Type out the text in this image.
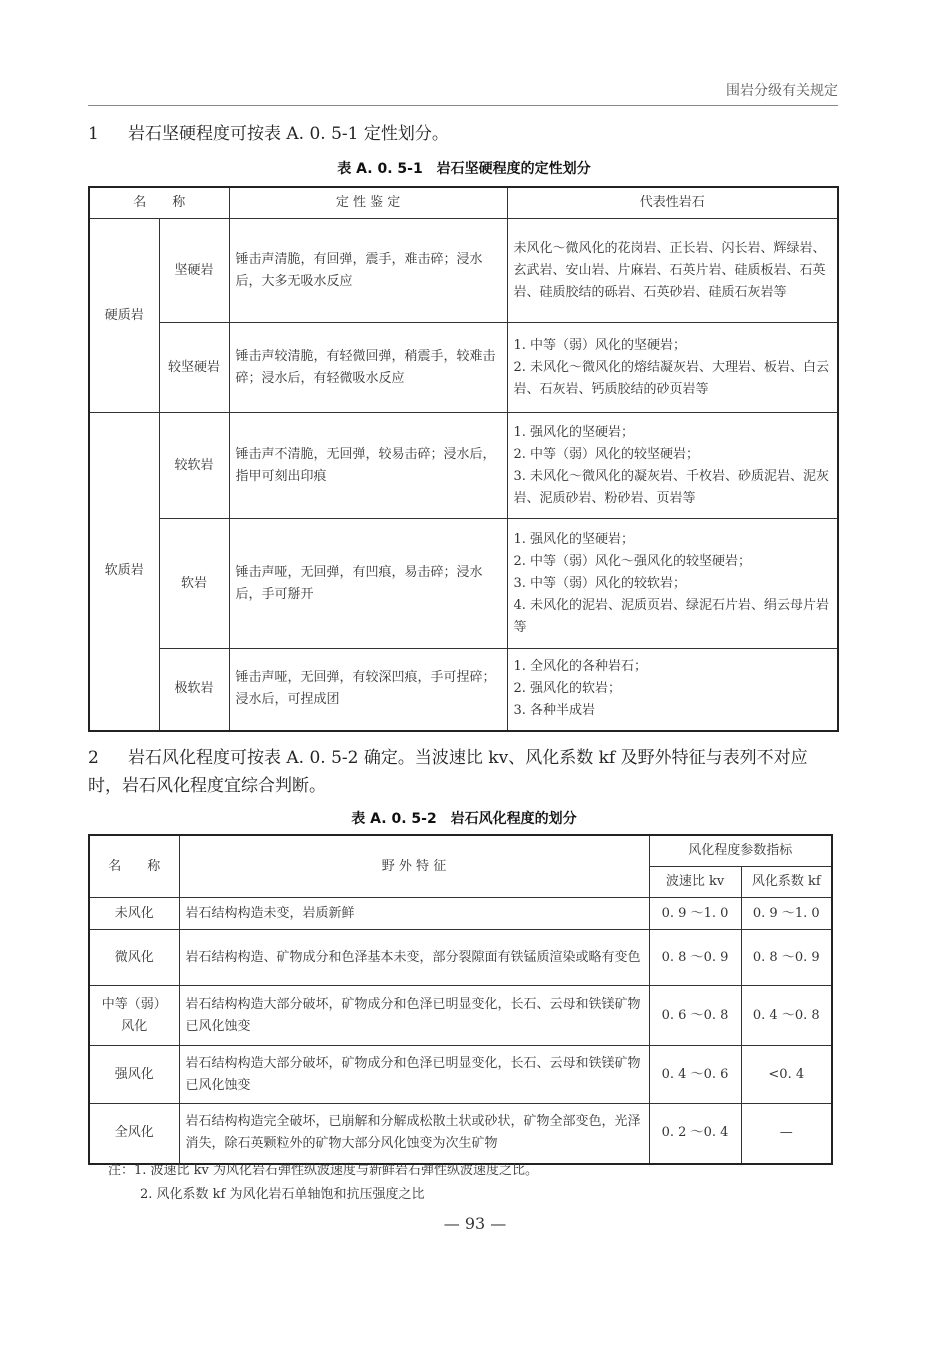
围岩分级有关规定
1 岩石坚硬程度可按表 A. 0. 5-1 定性划分。
表 A. 0. 5-1　岩石坚硬程度的定性划分
名　　称		定 性 鉴 定	代表性岩石
硬质岩	坚硬岩	锤击声清脆，有回弹，震手，难击碎；浸水后，大多无吸水反应	未风化～微风化的花岗岩、正长岩、闪长岩、辉绿岩、玄武岩、安山岩、片麻岩、石英片岩、硅质板岩、石英岩、硅质胶结的砾岩、石英砂岩、硅质石灰岩等

	较坚硬岩	锤击声较清脆，有轻微回弹，稍震手，较难击碎；浸水后，有轻微吸水反应	1. 中等（弱）风化的坚硬岩；
2. 未风化～微风化的熔结凝灰岩、大理岩、板岩、白云岩、石灰岩、钙质胶结的砂页岩等

软质岩	较软岩	锤击声不清脆，无回弹，较易击碎；浸水后，指甲可刻出印痕	1. 强风化的坚硬岩；
2. 中等（弱）风化的较坚硬岩；
3. 未风化～微风化的凝灰岩、千枚岩、砂质泥岩、泥灰岩、泥质砂岩、粉砂岩、页岩等

	软岩	锤击声哑，无回弹，有凹痕，易击碎；浸水后，手可掰开	1. 强风化的坚硬岩；
2. 中等（弱）风化～强风化的较坚硬岩；
3. 中等（弱）风化的较软岩；
4. 未风化的泥岩、泥质页岩、绿泥石片岩、绢云母片岩等

	极软岩	锤击声哑，无回弹，有较深凹痕，手可捏碎；浸水后，可捏成团	1. 全风化的各种岩石；
2. 强风化的软岩；
3. 各种半成岩
2 岩石风化程度可按表 A. 0. 5-2 确定。当波速比 kv、风化系数 kf 及野外特征与表列不对应时，岩石风化程度宜综合判断。
表 A. 0. 5-2　岩石风化程度的划分
名　　称	野 外 特 征	风化程度参数指标	
		波速比 kv	风化系数 kf
未风化	岩石结构构造未变，岩质新鲜	0. 9 ～1. 0	0. 9 ～1. 0
微风化	岩石结构构造、矿物成分和色泽基本未变，部分裂隙面有铁锰质渲染或略有变色	0. 8 ～0. 9	0. 8 ～0. 9
中等（弱）风化	岩石结构构造大部分破坏，矿物成分和色泽已明显变化，长石、云母和铁镁矿物已风化蚀变	0. 6 ～0. 8	0. 4 ～0. 8
强风化	岩石结构构造大部分破坏，矿物成分和色泽已明显变化，长石、云母和铁镁矿物已风化蚀变	0. 4 ～0. 6	<0. 4
全风化	岩石结构构造完全破坏，已崩解和分解成松散土状或砂状，矿物全部变色，光泽消失，除石英颗粒外的矿物大部分风化蚀变为次生矿物	0. 2 ～0. 4	—
注：1. 波速比 kv 为风化岩石弹性纵波速度与新鲜岩石弹性纵波速度之比。
2. 风化系数 kf 为风化岩石单轴饱和抗压强度之比
— 93 —
